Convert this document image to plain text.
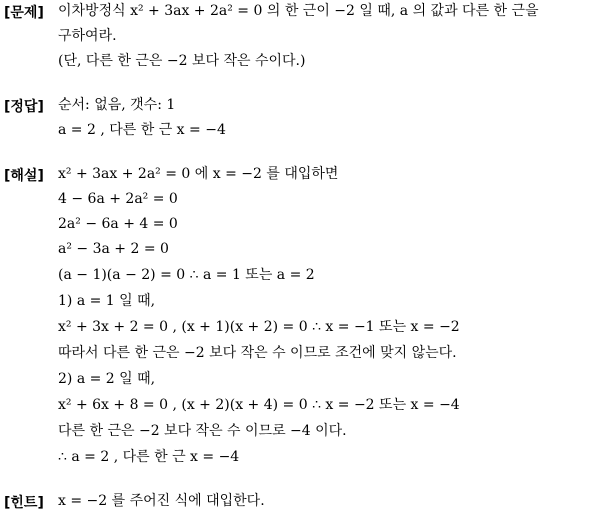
[문제] 이차방정식 x² + 3ax + 2a² = 0 의 한 근이 −2 일 때, a 의 값과 다른 한 근을
구하여라.
(단, 다른 한 근은 −2 보다 작은 수이다.)
[정답] 순서: 없음, 갯수: 1
a = 2 , 다른 한 근 x = −4
[해설] x² + 3ax + 2a² = 0 에 x = −2 를 대입하면
4 − 6a + 2a² = 0
2a² − 6a + 4 = 0
a² − 3a + 2 = 0
(a − 1)(a − 2) = 0 ∴ a = 1 또는 a = 2
1) a = 1 일 때,
x² + 3x + 2 = 0 , (x + 1)(x + 2) = 0 ∴ x = −1 또는 x = −2
따라서 다른 한 근은 −2 보다 작은 수 이므로 조건에 맞지 않는다.
2) a = 2 일 때,
x² + 6x + 8 = 0 , (x + 2)(x + 4) = 0 ∴ x = −2 또는 x = −4
다른 한 근은 −2 보다 작은 수 이므로 −4 이다.
∴ a = 2 , 다른 한 근 x = −4
[힌트] x = −2 를 주어진 식에 대입한다.
